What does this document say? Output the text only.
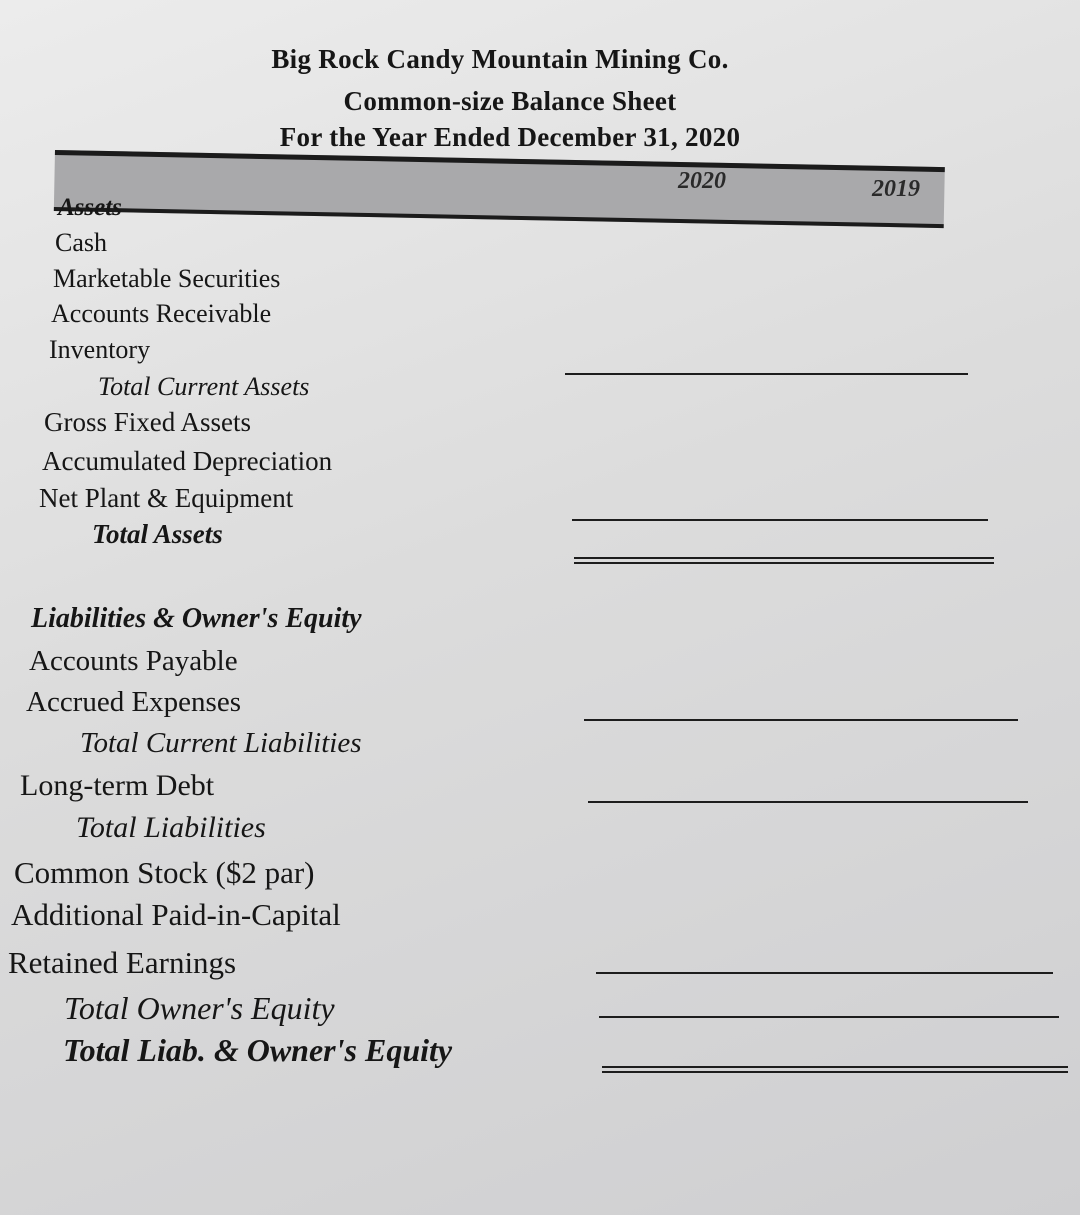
Big Rock Candy Mountain Mining Co.
Common-size Balance Sheet
For the Year Ended December 31, 2020
2020	2019
Assets
Cash
Marketable Securities
Accounts Receivable
Inventory
Total Current Assets
Gross Fixed Assets
Accumulated Depreciation
Net Plant & Equipment
Total Assets
Liabilities & Owner's Equity
Accounts Payable
Accrued Expenses
Total Current Liabilities
Long-term Debt
Total Liabilities
Common Stock ($2 par)
Additional Paid-in-Capital
Retained Earnings
Total Owner's Equity
Total Liab. & Owner's Equity
